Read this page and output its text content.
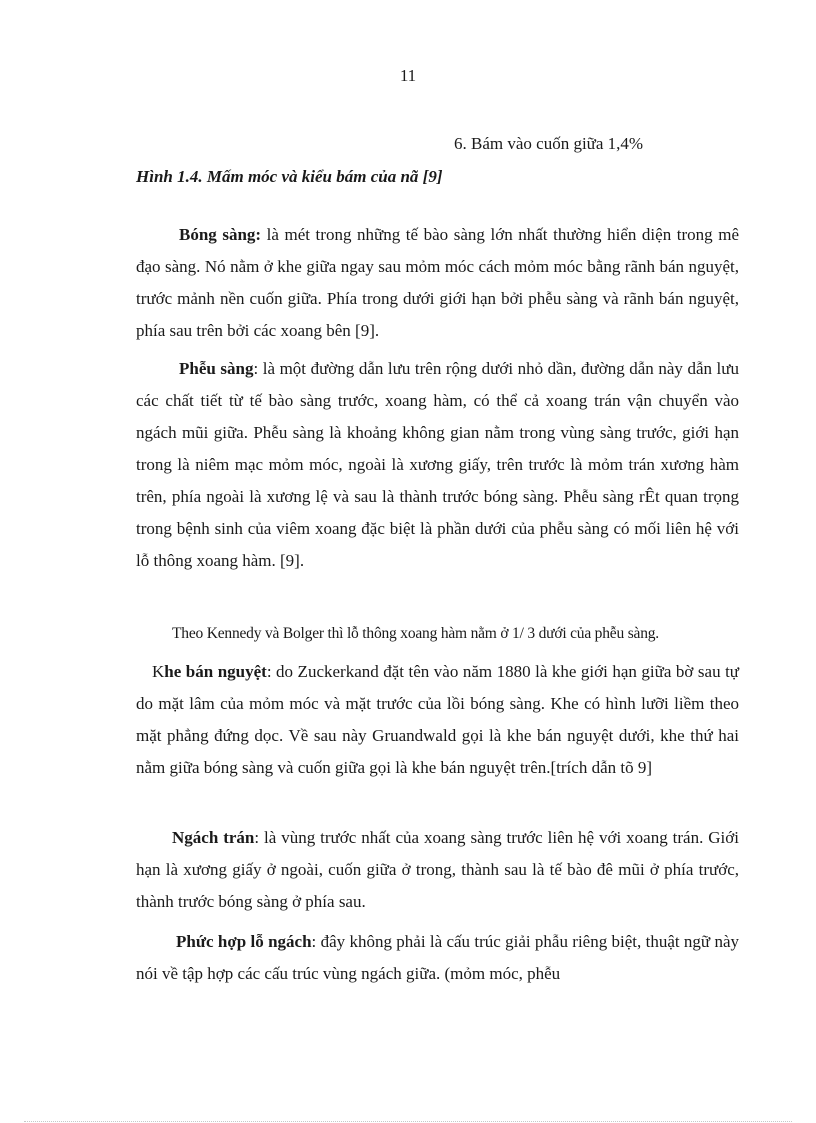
11
6. Bám vào cuốn giữa 1,4%
Hình 1.4. Mấm móc và kiểu bám của nã [9]

Bóng sàng: là mét trong những tế bào sàng lớn nhất thường hiển diện trong mê đạo sàng. Nó nằm ở khe giữa ngay sau mỏm móc cách mỏm móc bằng rãnh bán nguyệt, trước mảnh nền cuốn giữa. Phía trong dưới giới hạn bởi phễu sàng và rãnh bán nguyệt, phía sau trên bởi các xoang bên [9].

Phễu sàng: là một đường dẫn lưu trên rộng dưới nhỏ dần, đường dẫn này dẫn lưu các chất tiết từ tế bào sàng trước, xoang hàm, có thể cả xoang trán vận chuyển vào ngách mũi giữa. Phễu sàng là khoảng không gian nằm trong vùng sàng trước, giới hạn trong là niêm mạc mỏm móc, ngoài là xương giấy, trên trước là mỏm trán xương hàm trên, phía ngoài là xương lệ và sau là thành trước bóng sàng. Phễu sàng rÊt quan trọng trong bệnh sinh của viêm xoang đặc biệt là phần dưới của phễu sàng có mối liên hệ với lỗ thông xoang hàm. [9].

Theo Kennedy và Bolger thì lỗ thông xoang hàm nằm ở 1/ 3 dưới của phễu sàng.

Khe bán nguyệt: do Zuckerkand đặt tên vào năm 1880 là khe giới hạn giữa bờ sau tự do mặt lâm của mỏm móc và mặt trước của lồi bóng sàng. Khe có hình lưỡi liềm theo mặt phẳng đứng dọc. Về sau này Gruandwald gọi là khe bán nguyệt dưới, khe thứ hai nằm giữa bóng sàng và cuốn giữa gọi là khe bán nguyệt trên.[trích dẫn tõ 9]

Ngách trán: là vùng trước nhất của xoang sàng trước liên hệ với xoang trán. Giới hạn là xương giấy ở ngoài, cuốn giữa ở trong, thành sau là tế bào đê mũi ở phía trước, thành trước bóng sàng ở phía sau.

Phức hợp lỗ ngách: đây không phải là cấu trúc giải phẫu riêng biệt, thuật ngữ này nói về tập hợp các cấu trúc vùng ngách giữa. (mỏm móc, phễu
